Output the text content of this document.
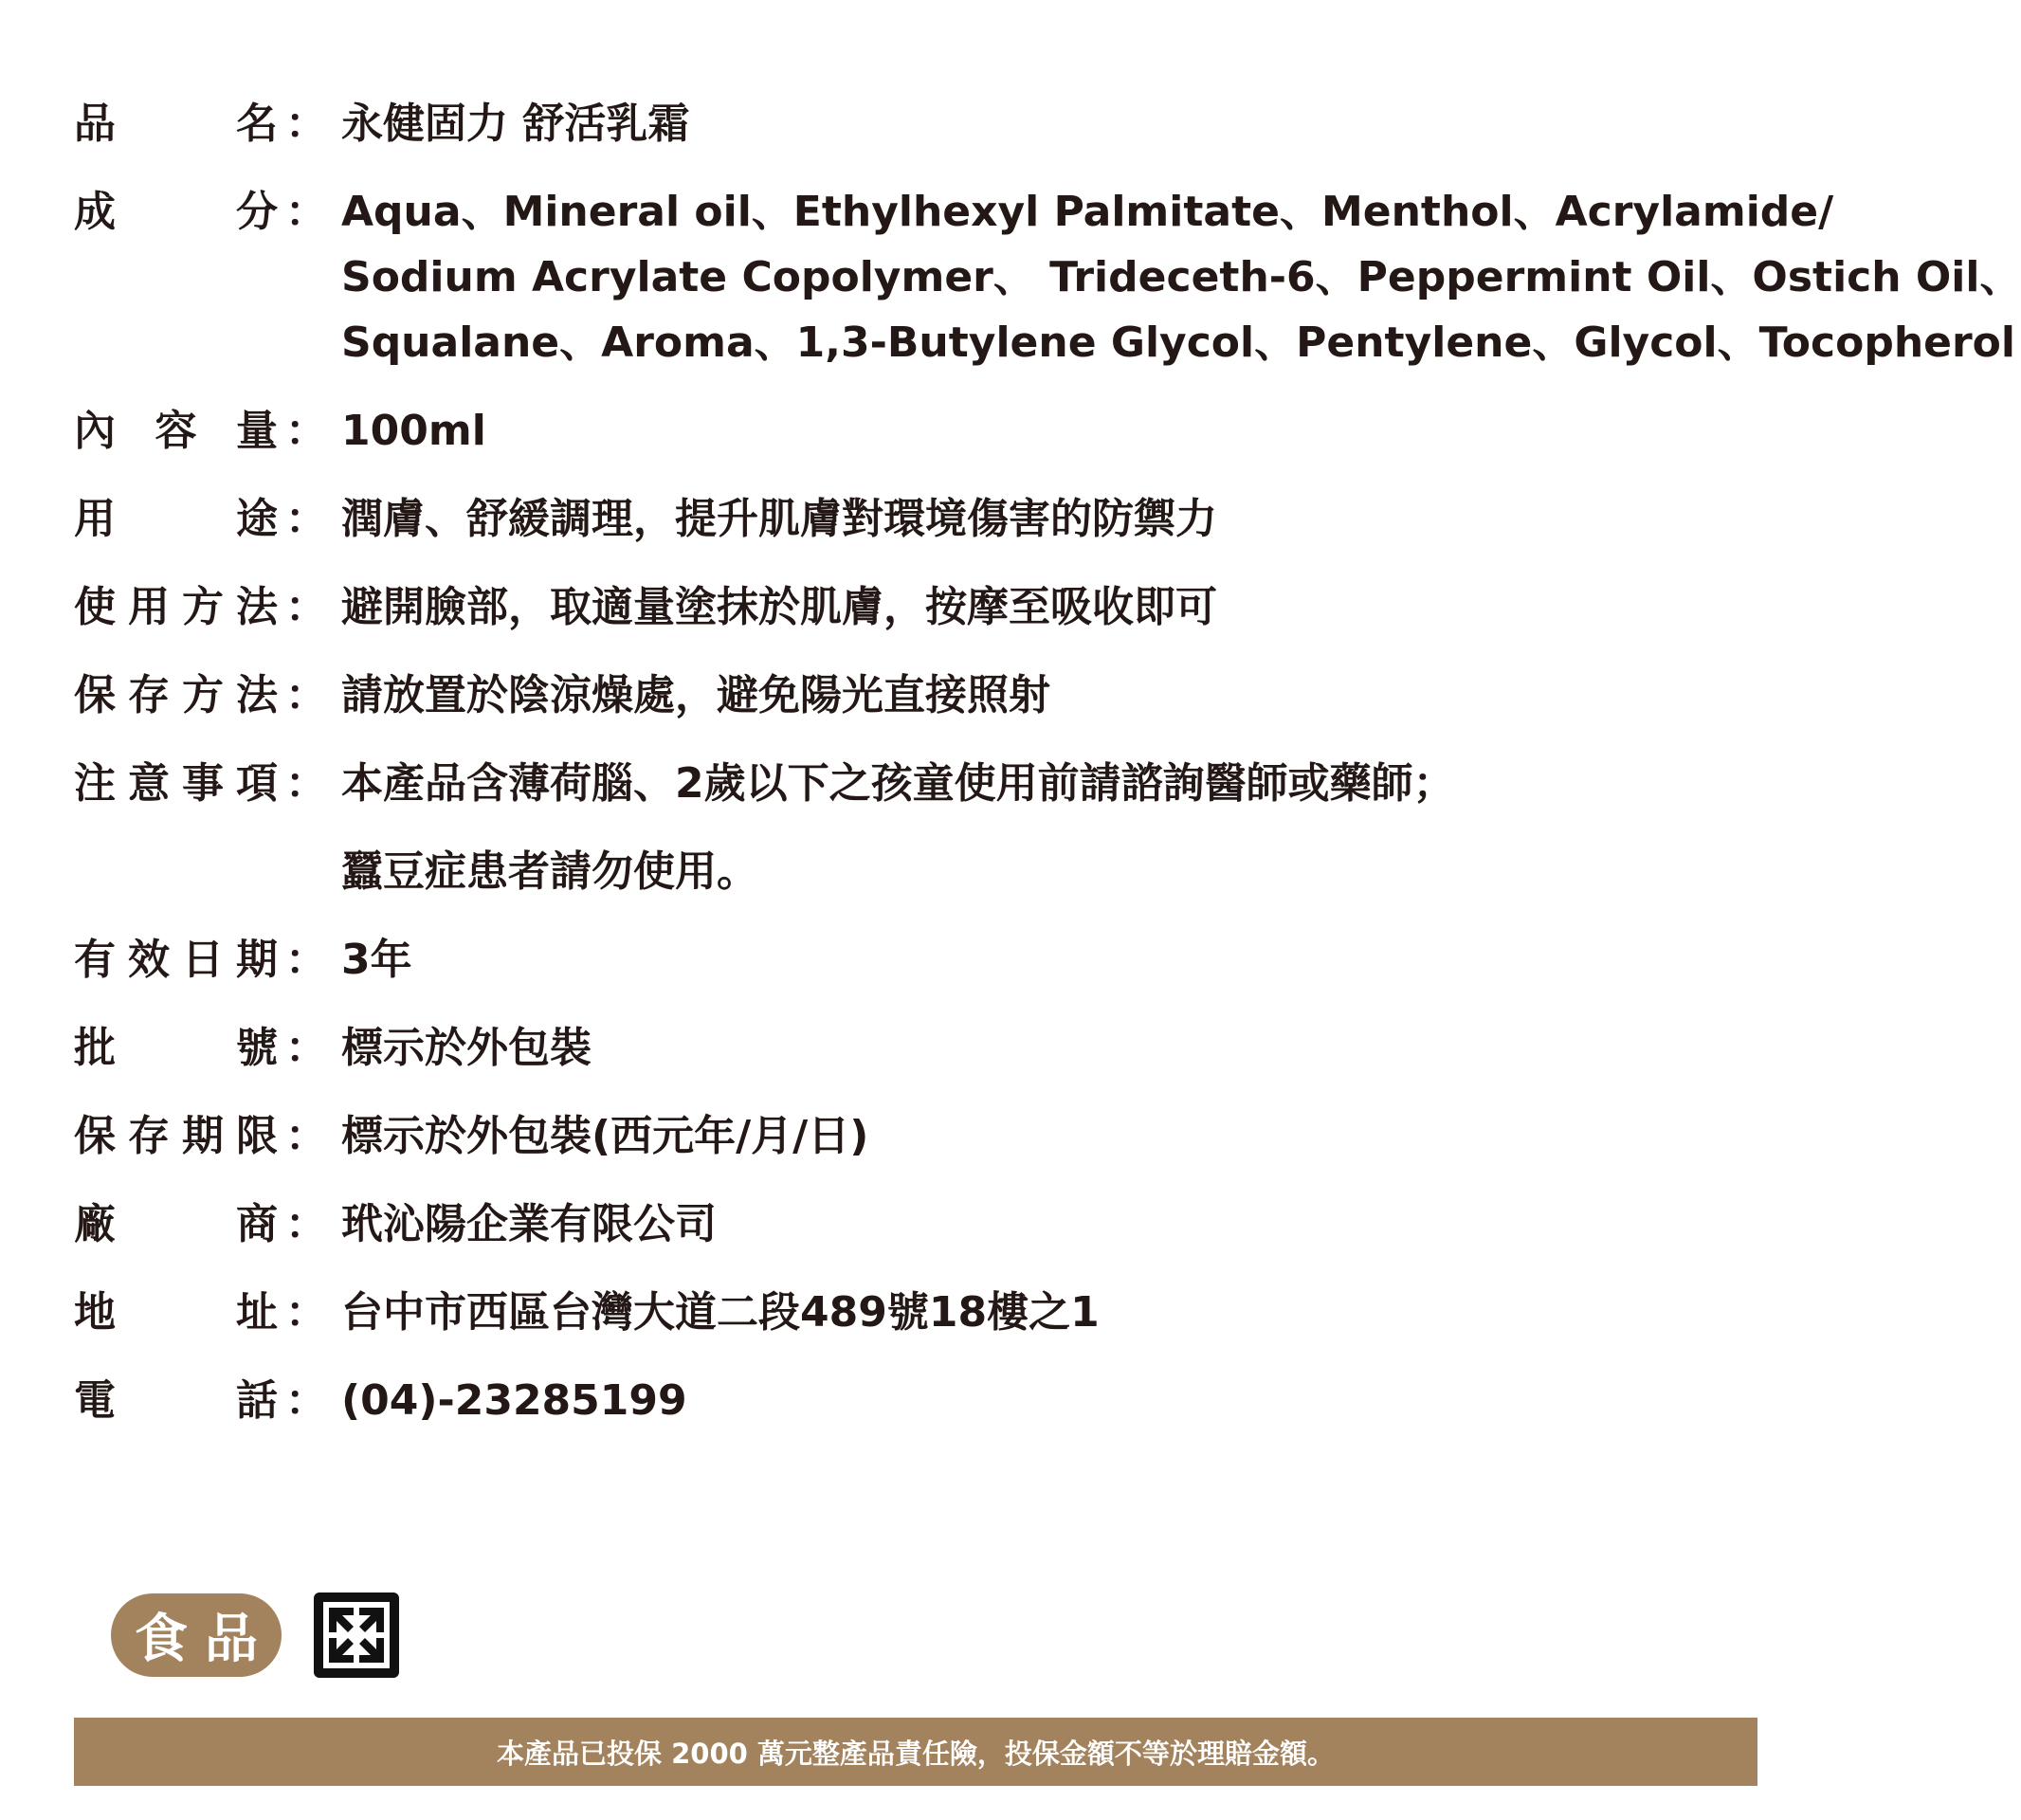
品	名 ： 永健固力 舒活乳霜
成	分 ： Aqua、Mineral oil、Ethylhexyl Palmitate、Menthol、Acrylamide/
Sodium Acrylate Copolymer、 Trideceth-6、Peppermint Oil、Ostich Oil、
Squalane、Aroma、1,3-Butylene Glycol、Pentylene、Glycol、Tocopherol
內 容 量 ： 100ml
用	途 ： 潤膚、舒緩調理，提升肌膚對環境傷害的防禦力
使 用 方 法 ： 避開臉部，取適量塗抹於肌膚，按摩至吸收即可
保 存 方 法 ： 請放置於陰涼燥處，避免陽光直接照射
注 意 事 項 ： 本產品含薄荷腦、2歲以下之孩童使用前請諮詢醫師或藥師；
蠶豆症患者請勿使用。
有 效 日 期 ： 3年
批	號 ： 標示於外包裝
保 存 期 限 ： 標示於外包裝(西元年/月/日)
廠	商 ： 玳沁陽企業有限公司
地	址 ： 台中市西區台灣大道二段489號18樓之1
電	話 ： (04)-23285199
食品
本產品已投保 2000 萬元整產品責任險，投保金額不等於理賠金額。
